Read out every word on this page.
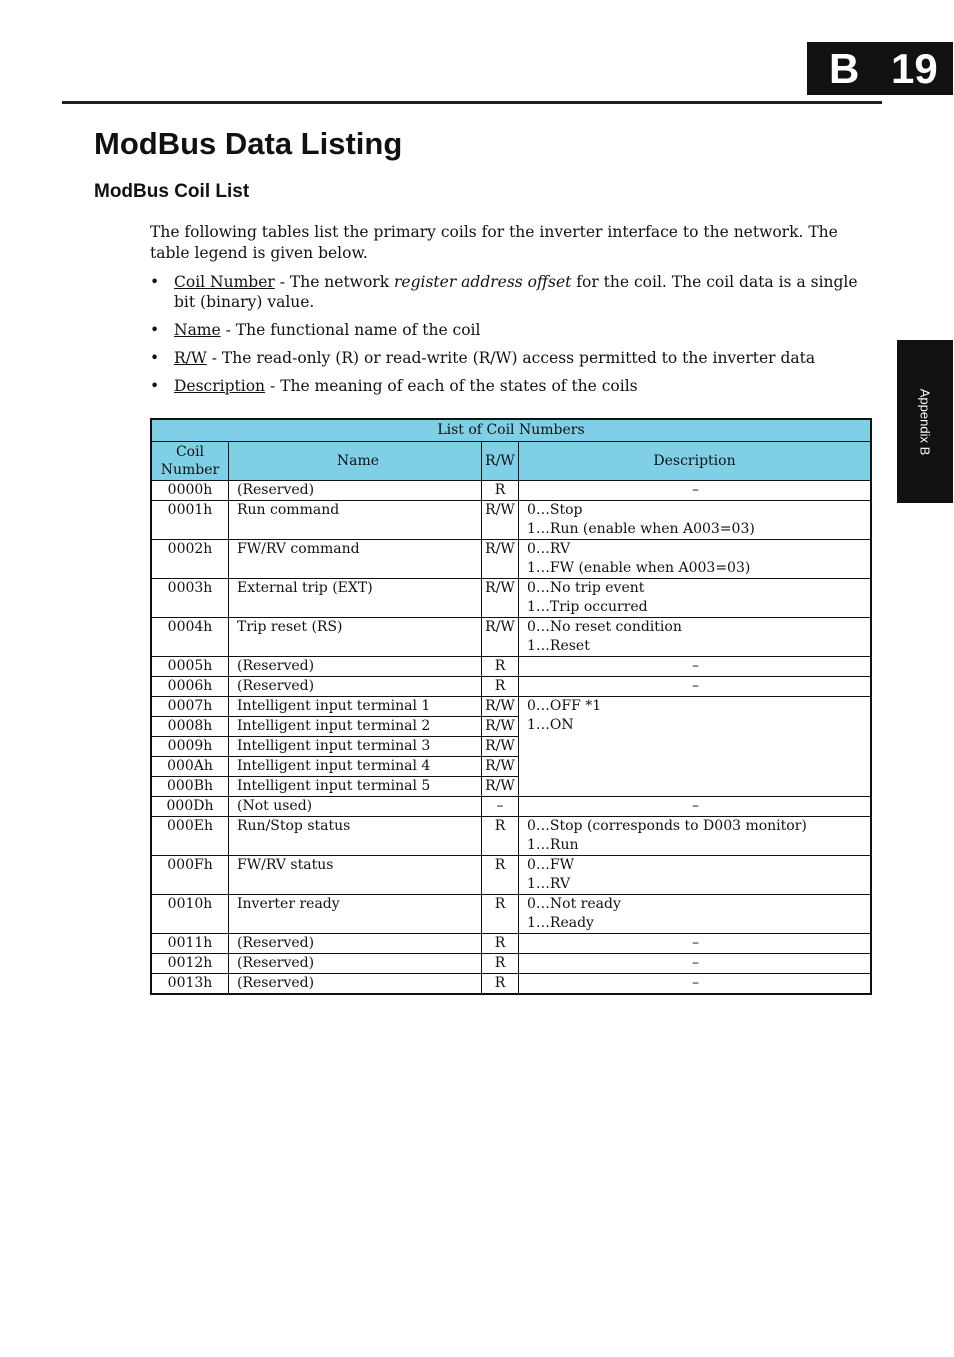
B 19
Appendix B
ModBus Data Listing
ModBus Coil List

The following tables list the primary coils for the inverter interface to the network. The table legend is given below.

• Coil Number - The network register address offset for the coil. The coil data is a single bit (binary) value.
• Name - The functional name of the coil
• R/W - The read-only (R) or read-write (R/W) access permitted to the inverter data
• Description - The meaning of each of the states of the coils
List of Coil Numbers			
Coil
Number	Name	R/W	Description
0000h	(Reserved)	R	–
0001h	Run command	R/W	0…Stop
1…Run (enable when A003=03)

0002h	FW/RV command	R/W	0…RV
1…FW (enable when A003=03)

0003h	External trip (EXT)	R/W	0…No trip event
1…Trip occurred

0004h	Trip reset (RS)	R/W	0…No reset condition
1…Reset

0005h	(Reserved)	R	–
0006h	(Reserved)	R	–
0007h	Intelligent input terminal 1	R/W	0…OFF *1
1…ON

0008h	Intelligent input terminal 2	R/W	
0009h	Intelligent input terminal 3	R/W	
000Ah	Intelligent input terminal 4	R/W	
000Bh	Intelligent input terminal 5	R/W	
000Dh	(Not used)	–	–
000Eh	Run/Stop status	R	0…Stop (corresponds to D003 monitor)
1…Run

000Fh	FW/RV status	R	0…FW
1…RV

0010h	Inverter ready	R	0…Not ready
1…Ready

0011h	(Reserved)	R	–
0012h	(Reserved)	R	–
0013h	(Reserved)	R	–
